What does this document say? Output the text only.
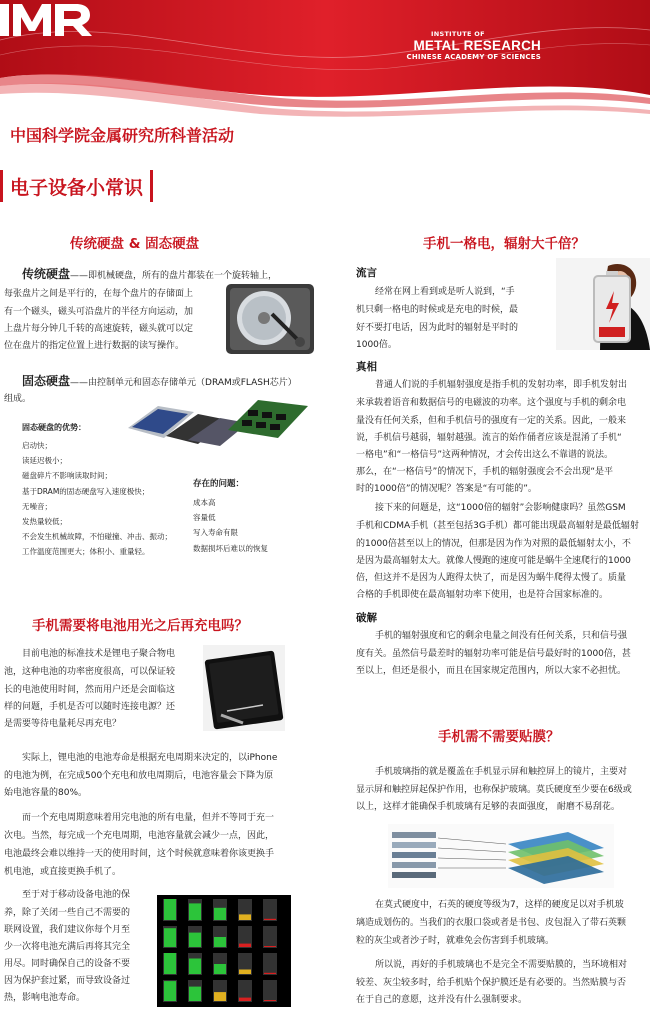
INSTITUTE OF
METAL RESEARCH
CHINESE ACADEMY OF SCIENCES
中国科学院金属研究所科普活动
电子设备小常识
传统硬盘 & 固态硬盘
传统硬盘——即机械硬盘，所有的盘片都装在一个旋转轴上，
每张盘片之间是平行的，在每个盘片的存储面上
有一个磁头，磁头可沿盘片的半径方向运动，加
上盘片每分钟几千转的高速旋转，磁头就可以定
位在盘片的指定位置上进行数据的读写操作。
固态硬盘——由控制单元和固态存储单元（DRAM或FLASH芯片）
组成。
固态硬盘的优势：
启动快；
读延迟极小；
磁盘碎片不影响读取时间；
基于DRAM的固态硬盘写入速度极快；
无噪音；
发热量较低；
不会发生机械故障，不怕碰撞、冲击、振动；
工作温度范围更大；体积小、重量轻。
存在的问题：
成本高
容量低
写入寿命有限
数据损坏后难以的恢复
手机需要将电池用光之后再充电吗？
目前电池的标准技术是锂电子聚合物电
池，这种电池的功率密度很高，可以保证较
长的电池使用时间，然而用户还是会面临这
样的问题，手机是否可以随时连接电源？还
是需要等待电量耗尽再充电？
实际上，锂电池的电池寿命是根据充电周期来决定的，以iPhone
的电池为例，在完成500个充电和放电周期后，电池容量会下降为原
始电池容量的80%。
而一个充电周期意味着用完电池的所有电量，但并不等同于充一
次电。当然，每完成一个充电周期，电池容量就会减少一点，因此，
电池最终会难以维持一天的使用时间，这个时候就意味着你该更换手
机电池，或直接更换手机了。
至于对于移动设备电池的保
养，除了关闭一些自己不需要的
联网设置，我们建议你每个月至
少一次将电池充满后再将其完全
用尽。同时确保自己的设备不要
因为保护套过紧，而导致设备过
热，影响电池寿命。
手机一格电，辐射大千倍？
流言
经常在网上看到或是听人说到，“手
机只剩一格电的时候或是充电的时候，最
好不要打电话，因为此时的辐射是平时的
1000倍。
真相
普通人们说的手机辐射强度是指手机的发射功率，即手机发射出
来承载着语音和数据信号的电磁波的功率。这个强度与手机的剩余电
量没有任何关系，但和手机信号的强度有一定的关系。因此，一般来
说，手机信号越弱，辐射越强。流言的始作俑者应该是混淆了手机“
一格电”和“一格信号”这两种情况，才会传出这么不靠谱的说法。
那么，在“一格信号”的情况下，手机的辐射强度会不会出现“是平
时的1000倍”的情况呢？答案是“有可能的”。
接下来的问题是，这“1000倍的辐射”会影响健康吗？虽然GSM
手机和CDMA手机（甚至包括3G手机）都可能出现最高辐射是最低辐射
的1000倍甚至以上的情况，但那是因为作为对照的最低辐射太小，不
是因为最高辐射太大。就像人慢跑的速度可能是蜗牛全速爬行的1000
倍，但这并不是因为人跑得太快了，而是因为蜗牛爬得太慢了。质量
合格的手机即使在最高辐射功率下使用，也是符合国家标准的。
破解
手机的辐射强度和它的剩余电量之间没有任何关系，只和信号强
度有关。虽然信号最差时的辐射功率可能是信号最好时的1000倍，甚
至以上，但还是很小，而且在国家规定范围内，所以大家不必担忧。
手机需不需要贴膜？
手机玻璃指的就是覆盖在手机显示屏和触控屏上的镜片，主要对
显示屏和触控屏起保护作用，也称保护玻璃。莫氏硬度至少要在6级或
以上，这样才能确保手机玻璃有足够的表面强度， 耐磨不易刮花。
在莫式硬度中，石英的硬度等级为7，这样的硬度足以对手机玻
璃造成划伤的。当我们的衣服口袋或者是书包、皮包混入了带石英颗
粒的灰尘或者沙子时，就难免会伤害到手机玻璃。
所以说，再好的手机玻璃也不是完全不需要贴膜的，当环境相对
较差、灰尘较多时，给手机贴个保护膜还是有必要的。当然贴膜与否
在于自己的意愿，这并没有什么强制要求。
